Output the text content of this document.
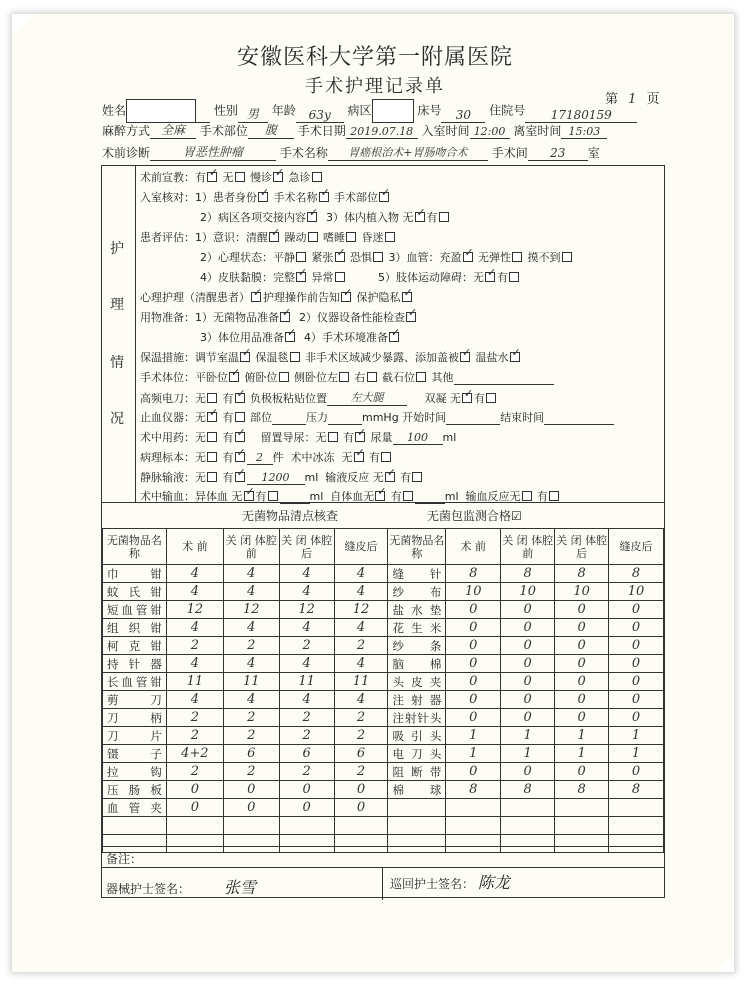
安徽医科大学第一附属医院
手术护理记录单
第 1 页
姓名	性别 男 年龄 63y 病区	床号 30 住院号 17180159
麻醉方式 全麻 手术部位 腹 手术日期 2019.07.18 入室时间 12:00 离室时间 15:03
术前诊断	胃恶性肿瘤	手术名称 胃癌根治术+胃肠吻合术 手术间 23 室
护
理
情
况
术前宣教：有✓ 无 慢诊✓ 急诊
入室核对：1）患者身份✓ 手术名称✓ 手术部位✓
2）病区各项交接内容✓  3）体内植入物 无 ✓ 有
患者评估：1）意识：清醒✓ 躁动 嗜睡 昏迷
2）心理状态：平静 紧张✓ 恐惧 3）血管：充盈✓ 无弹性 摸不到
4）皮肤黏膜：完整✓ 异常         5）肢体运动障碍：无 ✓ 有
心理护理（清醒患者） ✓ 护理操作前告知✓ 保护隐私✓
用物准备：1）无菌物品准备✓  2）仪器设备性能检查✓
3）体位用品准备✓  4）手术环境准备✓
保温措施：调节室温✓ 保温毯 非手术区域减少暴露、添加盖被✓ 温盐水✓
手术体位：平卧位✓ 俯卧位 侧卧位左 右 截石位 其他
高频电刀：无 有✓ 负极板粘贴位置 左大腿     双凝 无 ✓ 有
止血仪器：无✓ 有 部位	压力	mmHg 开始时间	结束时间
术中用药：无 有✓    留置导尿：无 有✓ 尿量 100 ml
病理标本：无 有 ✓ 2 件  术中冰冻  无✓ 有
静脉输液：无 有 ✓	1200 ml  输液反应 无✓ 有
术中输血：异体血 无 ✓ 有	ml  自体血无✓ 有	ml  输血反应无 有
无菌物品清点核查	无菌包监测合格☑
无菌物品名 称	术 前	关 闭 体腔前	关 闭 体腔后	缝皮后	无菌物品名 称	术 前	关 闭 体腔前	关 闭 体腔后	缝皮后
巾钳	4	4	4	4	缝针	8	8	8	8
蚊氏钳	4	4	4	4	纱布	10	10	10	10
短血管钳	12	12	12	12	盐水垫	0	0	0	0
组织钳	4	4	4	4	花生米	0	0	0	0
柯克钳	2	2	2	2	纱条	0	0	0	0
持针器	4	4	4	4	脑棉	0	0	0	0
长血管钳	11	11	11	11	头皮夹	0	0	0	0
剪刀	4	4	4	4	注射器	0	0	0	0
刀柄	2	2	2	2	注射针头	0	0	0	0
刀片	2	2	2	2	吸引头	1	1	1	1
镊子	4+2	6	6	6	电刀头	1	1	1	1
拉钩	2	2	2	2	阻断带	0	0	0	0
压肠板	0	0	0	0	棉球	8	8	8	8
血管夹	0	0	0	0					

备注：
器械护士签名： 张雪	巡回护士签名： 陈龙
